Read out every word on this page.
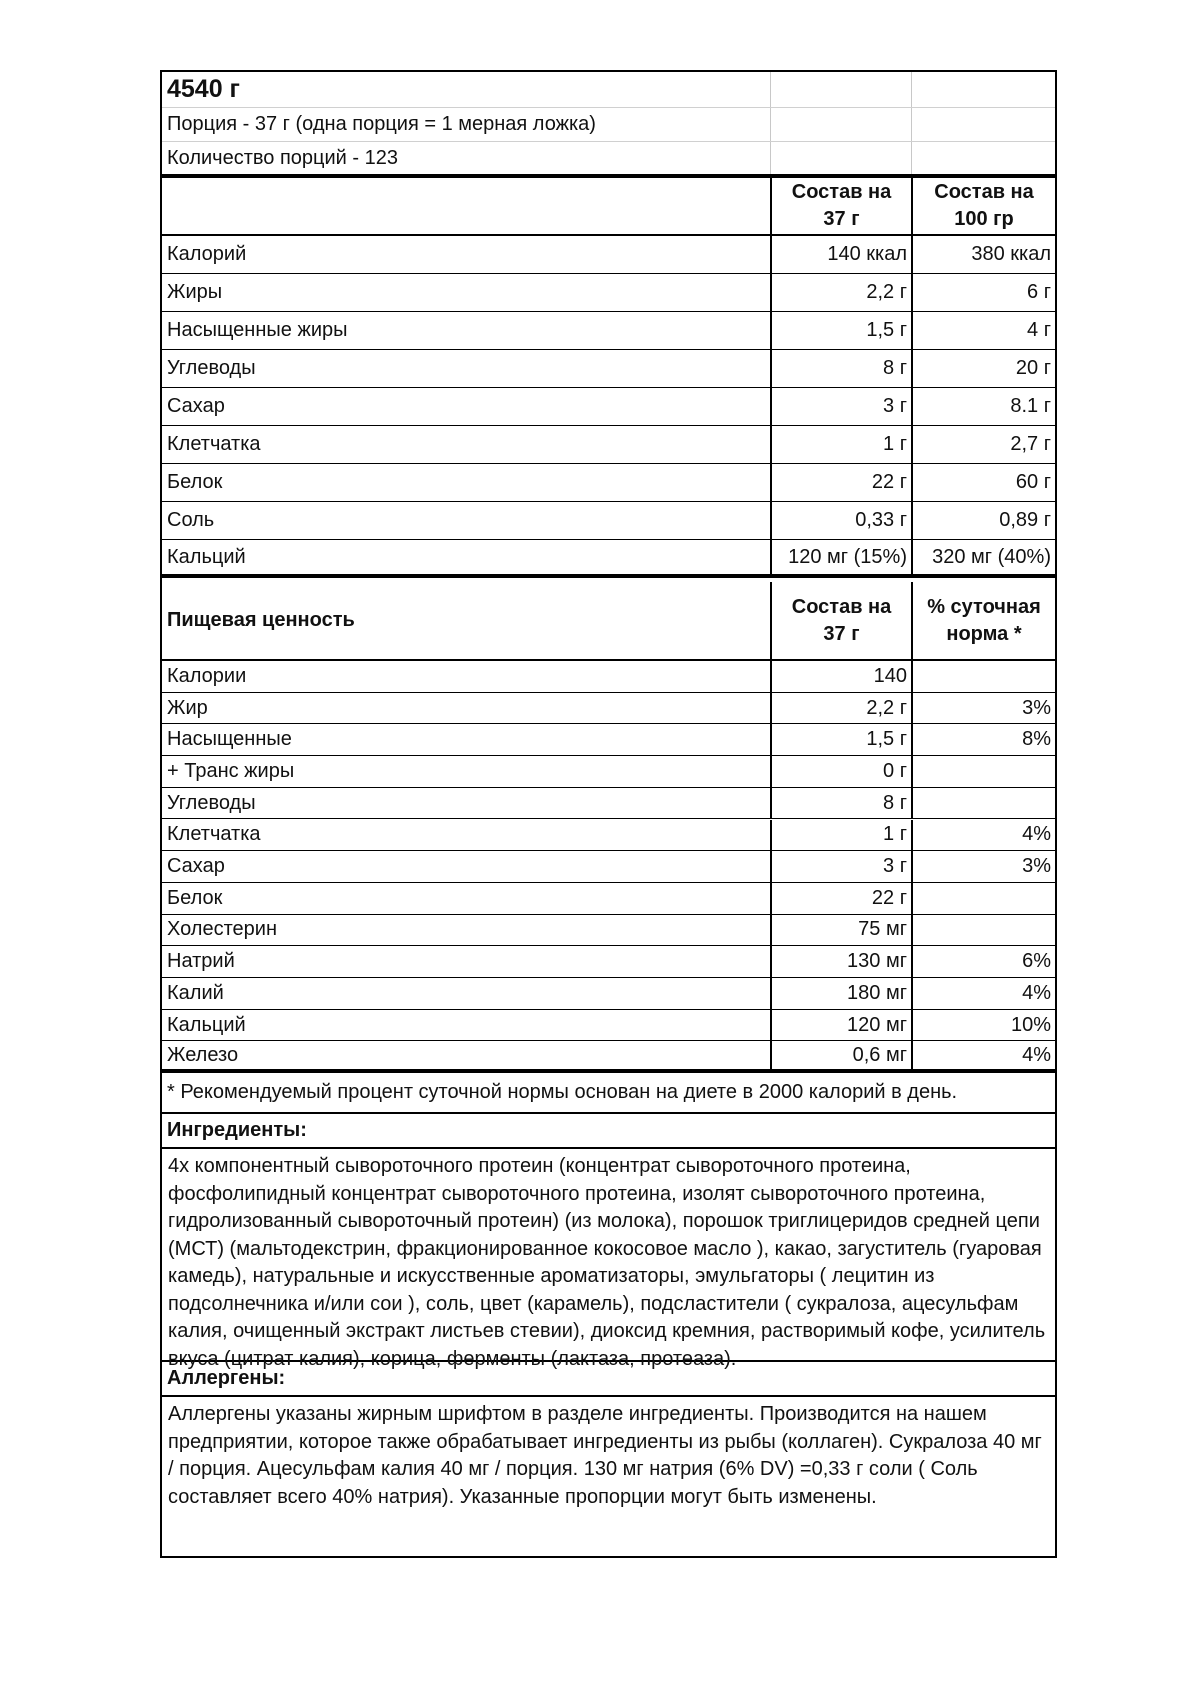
4540 г
Порция - 37 г (одна порция = 1 мерная ложка)
Количество порций - 123
Состав на 37 г
Состав на 100 гр
Калорий	140 ккал	380 ккал
Жиры	2,2 г	6 г
Насыщенные жиры	1,5 г	4 г
Углеводы	8 г	20 г
Сахар	3 г	8.1 г
Клетчатка	1 г	2,7 г
Белок	22 г	60 г
Соль	0,33 г	0,89 г
Кальций	120 мг (15%)	320 мг (40%)
Пищевая ценность
Состав на 37 г
% суточная норма *
Калории	140
Жир	2,2 г	3%
Насыщенные	1,5 г	8%
+ Транс жиры	0 г
Углеводы	8 г
Клетчатка	1 г	4%
Сахар	3 г	3%
Белок	22 г
Холестерин	75 мг
Натрий	130 мг	6%
Калий	180 мг	4%
Кальций	120 мг	10%
Железо	0,6 мг	4%
* Рекомендуемый процент суточной нормы основан на диете в 2000 калорий в день.
Ингредиенты:
4х компонентный сывороточного протеин (концентрат сывороточного протеина, фосфолипидный концентрат сывороточного протеина, изолят сывороточного протеина, гидролизованный сывороточный протеин) (из молока), порошок триглицеридов средней цепи (МСТ) (мальтодекстрин, фракционированное кокосовое масло ), какао, загуститель (гуаровая камедь), натуральные и искусственные ароматизаторы, эмульгаторы ( лецитин из подсолнечника и/или сои ), соль, цвет (карамель), подсластители ( сукралоза, ацесульфам калия, очищенный экстракт листьев стевии), диоксид кремния, растворимый кофе, усилитель вкуса (цитрат калия), корица, ферменты (лактаза, протеаза).
Аллергены:
Аллергены указаны жирным шрифтом в разделе ингредиенты. Производится на нашем предприятии, которое также обрабатывает ингредиенты из рыбы (коллаген). Сукралоза 40 мг / порция. Ацесульфам калия 40 мг / порция. 130 мг натрия (6% DV) =0,33 г соли ( Соль составляет всего 40% натрия). Указанные пропорции могут быть изменены.
